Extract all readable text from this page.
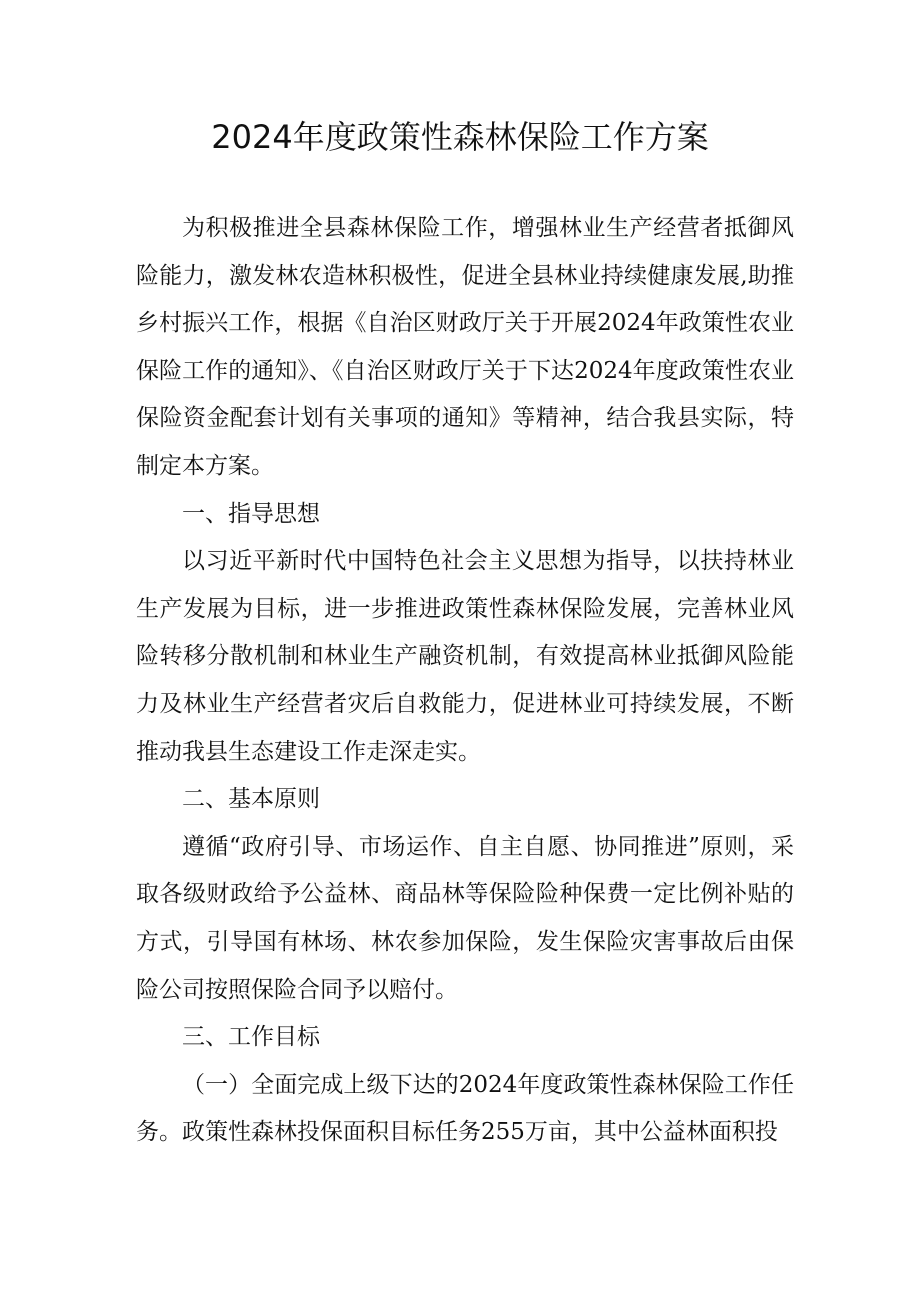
2024年度政策性森林保险工作方案

为积极推进全县森林保险工作，增强林业生产经营者抵御风险能力，激发林农造林积极性，促进全县林业持续健康发展,助推乡村振兴工作，根据《自治区财政厅关于开展2024年政策性农业保险工作的通知》、《自治区财政厅关于下达2024年度政策性农业保险资金配套计划有关事项的通知》等精神，结合我县实际，特制定本方案。

一、指导思想

以习近平新时代中国特色社会主义思想为指导，以扶持林业生产发展为目标，进一步推进政策性森林保险发展，完善林业风险转移分散机制和林业生产融资机制，有效提高林业抵御风险能力及林业生产经营者灾后自救能力，促进林业可持续发展，不断推动我县生态建设工作走深走实。

二、基本原则

遵循“政府引导、市场运作、自主自愿、协同推进”原则，采取各级财政给予公益林、商品林等保险险种保费一定比例补贴的方式，引导国有林场、林农参加保险，发生保险灾害事故后由保险公司按照保险合同予以赔付。

三、工作目标

（一）全面完成上级下达的2024年度政策性森林保险工作任务。政策性森林投保面积目标任务255万亩，其中公益林面积投
